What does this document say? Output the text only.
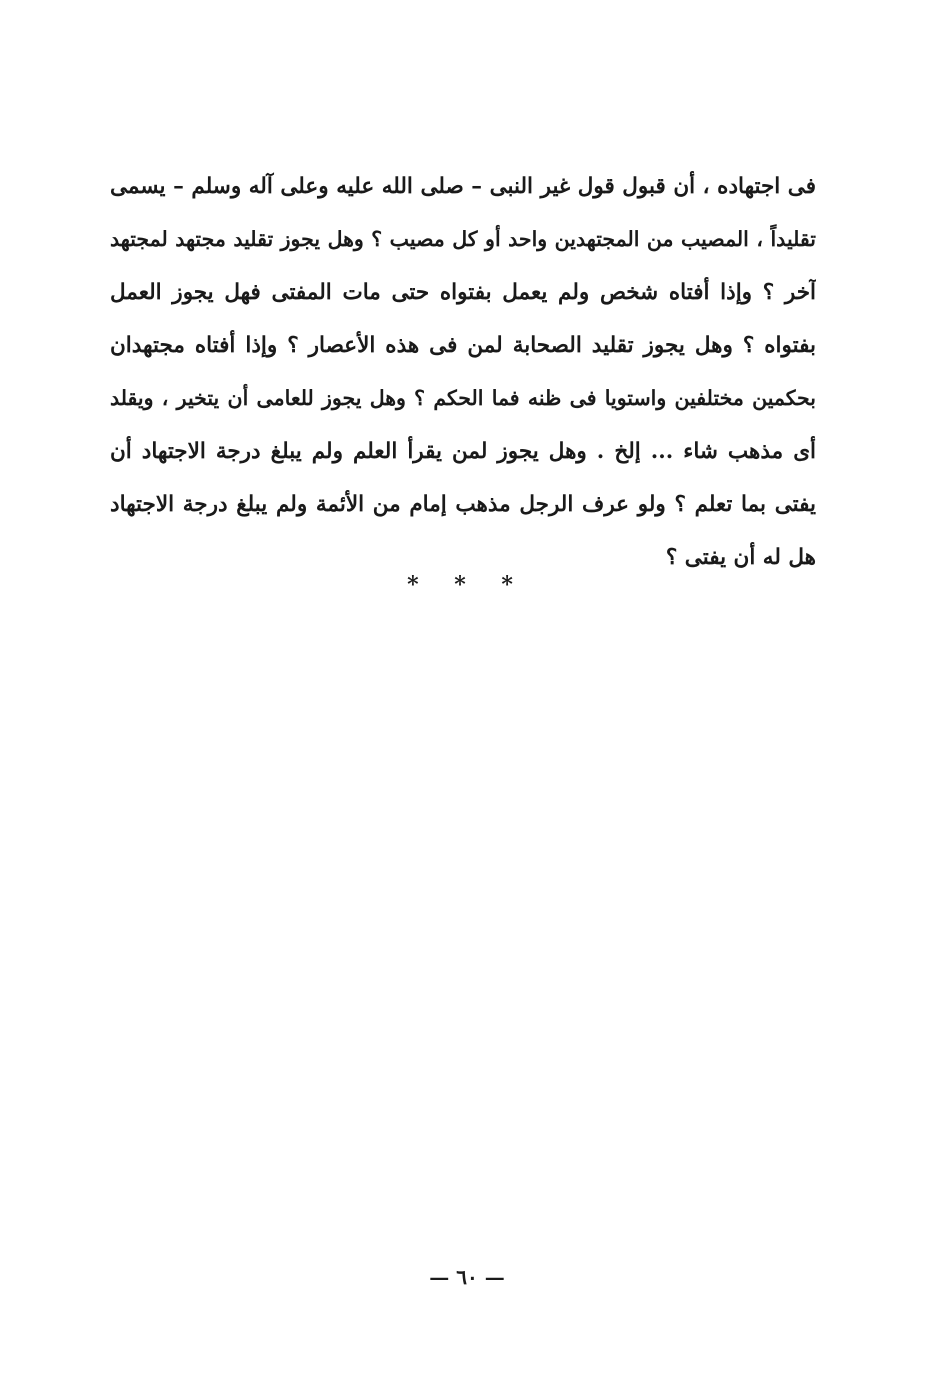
فى اجتهاده ، أن قبول قول غير النبى – صلى الله عليه وعلى آله وسلم – يسمى
تقليداً ، المصيب من المجتهدين واحد أو كل مصيب ؟ وهل يجوز تقليد مجتهد لمجتهد
آخر ؟ وإذا أفتاه شخص ولم يعمل بفتواه حتى مات المفتى فهل يجوز العمل
بفتواه ؟ وهل يجوز تقليد الصحابة لمن فى هذه الأعصار ؟ وإذا أفتاه مجتهدان
بحكمين مختلفين واستويا فى ظنه فما الحكم ؟ وهل يجوز للعامى أن يتخير ، ويقلد
أى مذهب شاء ... إلخ . وهل يجوز لمن يقرأ العلم ولم يبلغ درجة الاجتهاد أن
يفتى بما تعلم ؟ ولو عرف الرجل مذهب إمام من الأئمة ولم يبلغ درجة الاجتهاد
هل له أن يفتى ؟
* * *
— ٦٠ —
